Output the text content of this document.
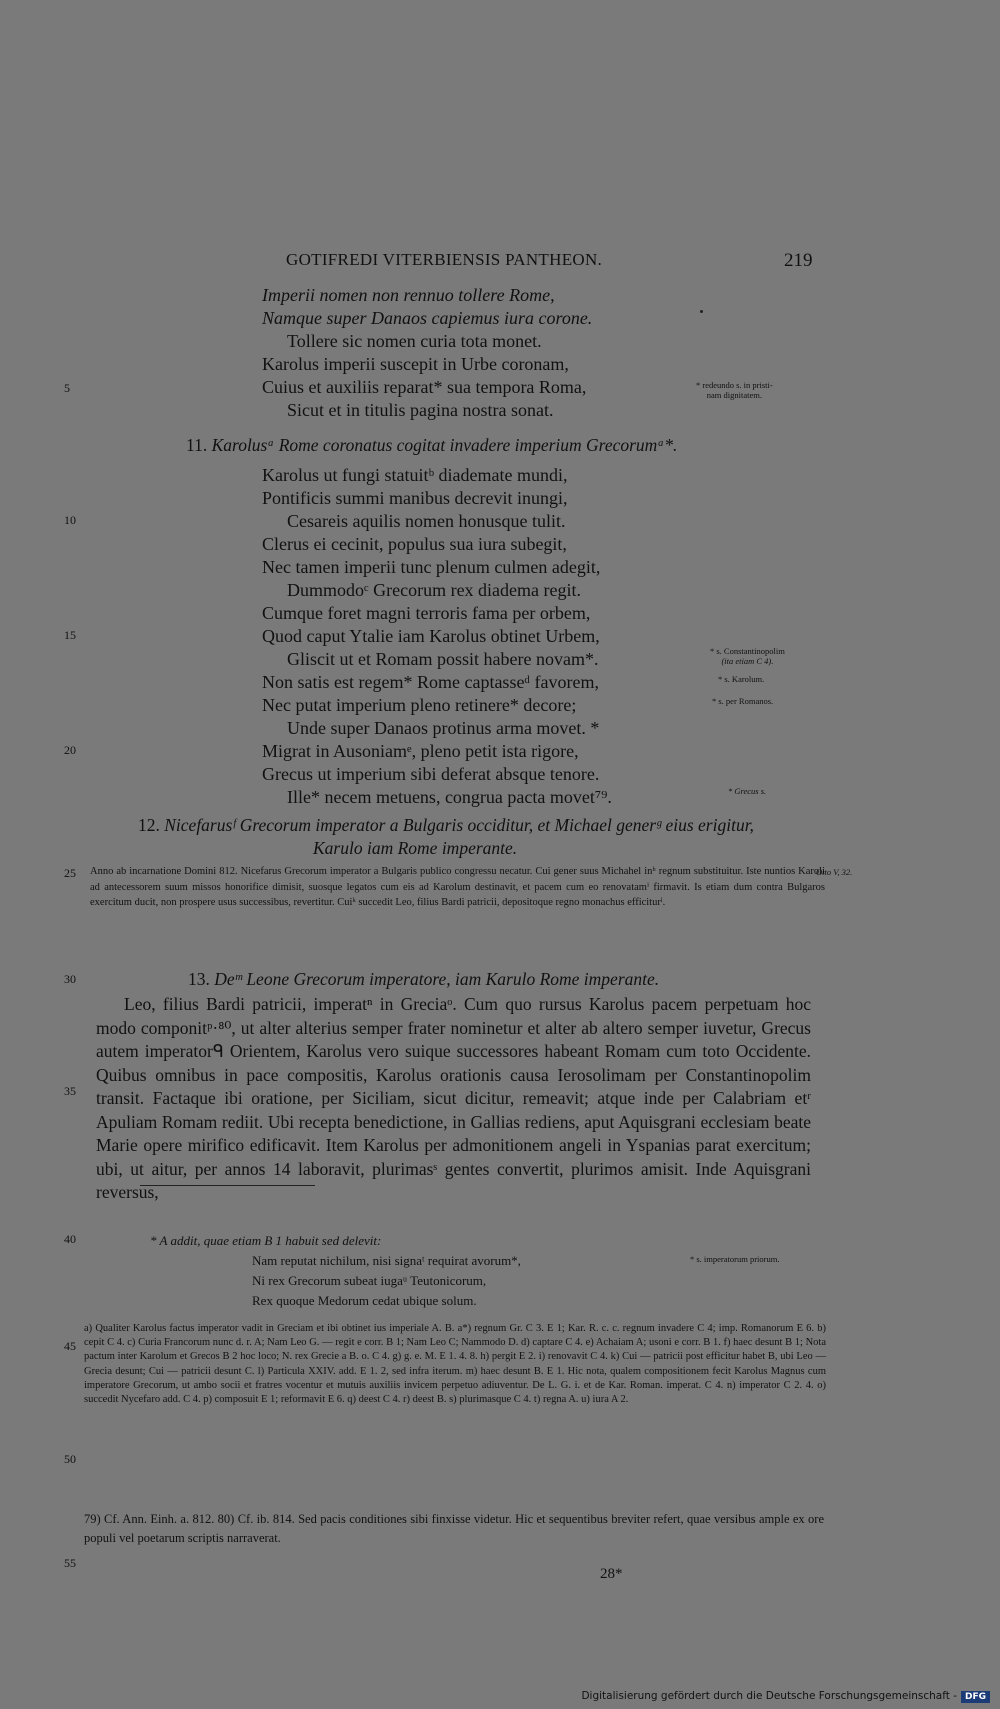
GOTIFREDI VITERBIENSIS PANTHEON.	219
Imperii nomen non rennuo tollere Rome,
Namque super Danaos capiemus iura corone.
Tollere sic nomen curia tota monet.
Karolus imperii suscepit in Urbe coronam,
Cuius et auxiliis reparat* sua tempora Roma,
Sicut et in titulis pagina nostra sonat.
11. Karolusᵃ Rome coronatus cogitat invadere imperium Grecorumᵃ*.
Karolus ut fungi statuitᵇ diademate mundi,
Pontificis summi manibus decrevit inungi,
Cesareis aquilis nomen honusque tulit.
Clerus ei cecinit, populus sua iura subegit,
Nec tamen imperii tunc plenum culmen adegit,
Dummodoᶜ Grecorum rex diadema regit.
Cumque foret magni terroris fama per orbem,
Quod caput Ytalie iam Karolus obtinet Urbem,
Gliscit ut et Romam possit habere novam*.
Non satis est regem* Rome captasseᵈ favorem,
Nec putat imperium pleno retinere* decore;
Unde super Danaos protinus arma movet. *
Migrat in Ausoniamᵉ, pleno petit ista rigore,
Grecus ut imperium sibi deferat absque tenore.
Ille* necem metuens, congrua pacta movet⁷⁹.
5
10
15
20
25
30
35
40
45
50
55
* redeundo s. in pristi-
nam dignitatem.
* s. Constantinopolim
(ita etiam C 4).
* s. Karolum.
* s. per Romanos.
* Grecus s.
Otto V, 32.
* s. imperatorum priorum.
12. Nicefarusᶠ Grecorum imperator a Bulgaris occiditur, et Michael generᵍ eius erigitur,
Karulo iam Rome imperante.
Anno ab incarnatione Domini 812. Nicefarus Grecorum imperator a Bulgaris publico congressu necatur. Cui gener suus Michahel inʰ regnum substituitur. Iste nuntios Karoli ad antecessorem suum missos honorifice dimisit, suosque legatos cum eis ad Karolum destinavit, et pacem cum eo renovatamⁱ firmavit. Is etiam dum contra Bulgaros exercitum ducit, non prospere usus successibus, revertitur. Cuiᵏ succedit Leo, filius Bardi patricii, depositoque regno monachus efficiturˡ.
13. Deᵐ Leone Grecorum imperatore, iam Karulo Rome imperante.
Leo, filius Bardi patricii, imperatⁿ in Greciaᵒ. Cum quo rursus Karolus pacem perpetuam hoc modo componitᵖ·⁸⁰, ut alter alterius semper frater nominetur et alter ab altero semper iuvetur, Grecus autem imperatorᑫ Orientem, Karolus vero suique successores habeant Romam cum toto Occidente. Quibus omnibus in pace compositis, Karolus orationis causa Ierosolimam per Constantinopolim transit. Factaque ibi oratione, per Siciliam, sicut dicitur, remeavit; atque inde per Calabriam etʳ Apuliam Romam rediit. Ubi recepta benedictione, in Gallias rediens, aput Aquisgrani ecclesiam beate Marie opere mirifico edificavit. Item Karolus per admonitionem angeli in Yspanias parat exercitum; ubi, ut aitur, per annos 14 laboravit, plurimasˢ gentes convertit, plurimos amisit. Inde Aquisgrani reversus,
* A addit, quae etiam B 1 habuit sed delevit:
Nam reputat nichilum, nisi signaᵗ requirat avorum*,
Ni rex Grecorum subeat iugaᵘ Teutonicorum,
Rex quoque Medorum cedat ubique solum.
a) Qualiter Karolus factus imperator vadit in Greciam et ibi obtinet ius imperiale A. B. a*) regnum Gr. C 3. E 1; Kar. R. c. c. regnum invadere C 4; imp. Romanorum E 6. b) cepit C 4. c) Curia Francorum nunc d. r. A; Nam Leo G. — regit e corr. B 1; Nam Leo C; Nammodo D. d) captare C 4. e) Achaiam A; usoni e corr. B 1. f) haec desunt B 1; Nota pactum inter Karolum et Grecos B 2 hoc loco; N. rex Grecie a B. o. C 4. g) g. e. M. E 1. 4. 8. h) pergit E 2. i) renovavit C 4. k) Cui — patricii post efficitur habet B, ubi Leo — Grecia desunt; Cui — patricii desunt C. l) Particula XXIV. add. E 1. 2, sed infra iterum. m) haec desunt B. E 1. Hic nota, qualem compositionem fecit Karolus Magnus cum imperatore Grecorum, ut ambo socii et fratres vocentur et mutuis auxiliis invicem perpetuo adiuventur. De L. G. i. et de Kar. Roman. imperat. C 4. n) imperator C 2. 4. o) succedit Nycefaro add. C 4. p) composuit E 1; reformavit E 6. q) deest C 4. r) deest B. s) plurimasque C 4. t) regna A. u) iura A 2.
79) Cf. Ann. Einh. a. 812. 80) Cf. ib. 814. Sed pacis conditiones sibi finxisse videtur. Hic et sequentibus breviter refert, quae versibus ample ex ore populi vel poetarum scriptis narraverat.
28*
Digitalisierung gefördert durch die Deutsche Forschungsgemeinschaft - DFG
